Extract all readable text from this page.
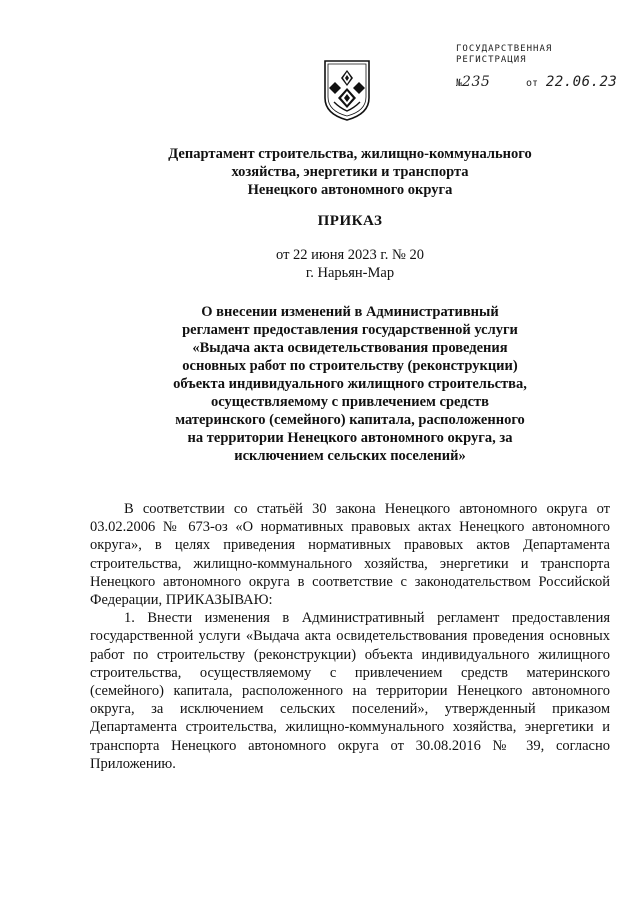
ГОСУДАРСТВЕННАЯ
РЕГИСТРАЦИЯ
№235	от 22.06.23
Департамент строительства, жилищно-коммунального
хозяйства, энергетики и транспорта
Ненецкого автономного округа
ПРИКАЗ
от 22 июня 2023 г. № 20
г. Нарьян-Мар
О внесении изменений в Административный
регламент предоставления государственной услуги
«Выдача акта освидетельствования проведения
основных работ по строительству (реконструкции)
объекта индивидуального жилищного строительства,
осуществляемому с привлечением средств
материнского (семейного) капитала, расположенного
на территории Ненецкого автономного округа, за
исключением сельских поселений»

В соответствии со статьёй 30 закона Ненецкого автономного округа от 03.02.2006 № 673-оз «О нормативных правовых актах Ненецкого автономного округа», в целях приведения нормативных правовых актов Департамента строительства, жилищно-коммунального хозяйства, энергетики и транспорта Ненецкого автономного округа в соответствие с законодательством Российской Федерации, ПРИКАЗЫВАЮ:

1. Внести изменения в Административный регламент предоставления государственной услуги «Выдача акта освидетельствования проведения основных работ по строительству (реконструкции) объекта индивидуального жилищного строительства, осуществляемому с привлечением средств материнского (семейного) капитала, расположенного на территории Ненецкого автономного округа, за исключением сельских поселений», утвержденный приказом Департамента строительства, жилищно-коммунального хозяйства, энергетики и транспорта Ненецкого автономного округа от 30.08.2016 № 39, согласно Приложению.
